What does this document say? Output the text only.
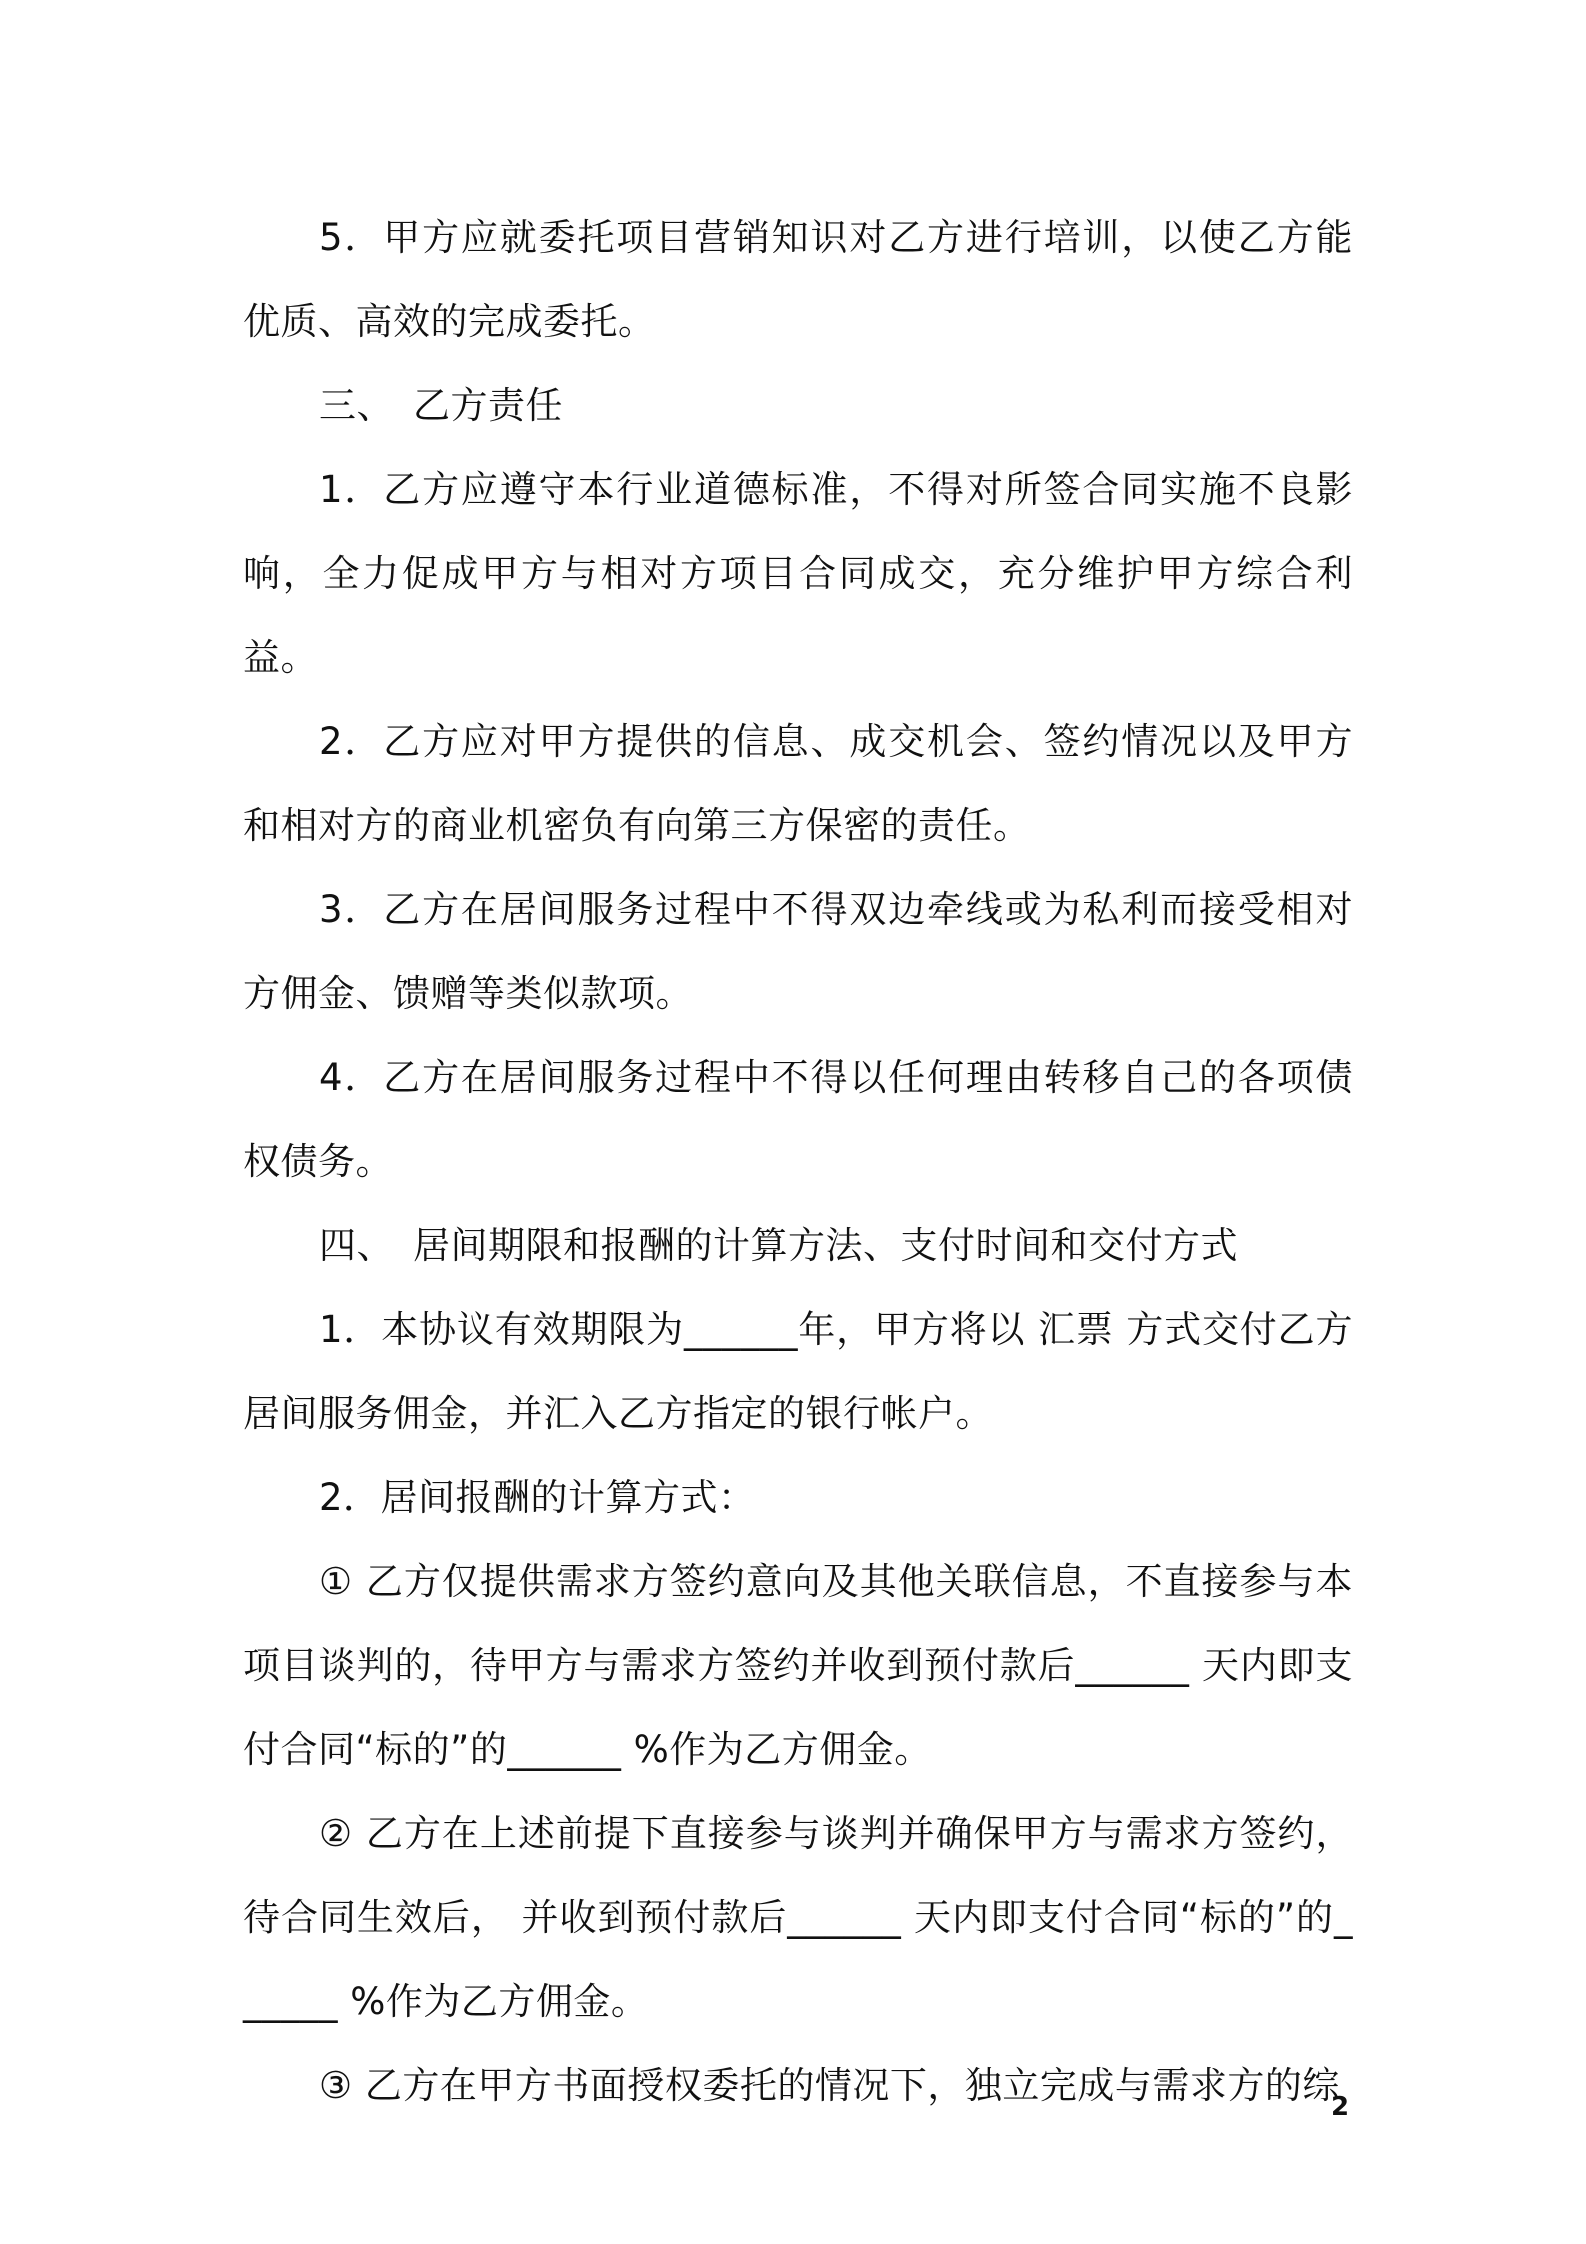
5．甲方应就委托项目营销知识对乙方进行培训，以使乙方能优质、高效的完成委托。

三、　乙方责任

1．乙方应遵守本行业道德标准，不得对所签合同实施不良影响，全力促成甲方与相对方项目合同成交，充分维护甲方综合利益。

2．乙方应对甲方提供的信息、成交机会、签约情况以及甲方和相对方的商业机密负有向第三方保密的责任。

3．乙方在居间服务过程中不得双边牵线或为私利而接受相对方佣金、馈赠等类似款项。

4．乙方在居间服务过程中不得以任何理由转移自己的各项债权债务。

四、　居间期限和报酬的计算方法、支付时间和交付方式

1．本协议有效期限为______年，甲方将以 汇票 方式交付乙方居间服务佣金，并汇入乙方指定的银行帐户。

2．居间报酬的计算方式：

① 乙方仅提供需求方签约意向及其他关联信息，不直接参与本项目谈判的，待甲方与需求方签约并收到预付款后______ 天内即支付合同“标的”的______ %作为乙方佣金。

② 乙方在上述前提下直接参与谈判并确保甲方与需求方签约，待合同生效后， 并收到预付款后______ 天内即支付合同“标的”的______ %作为乙方佣金。

③ 乙方在甲方书面授权委托的情况下，独立完成与需求方的综

2
